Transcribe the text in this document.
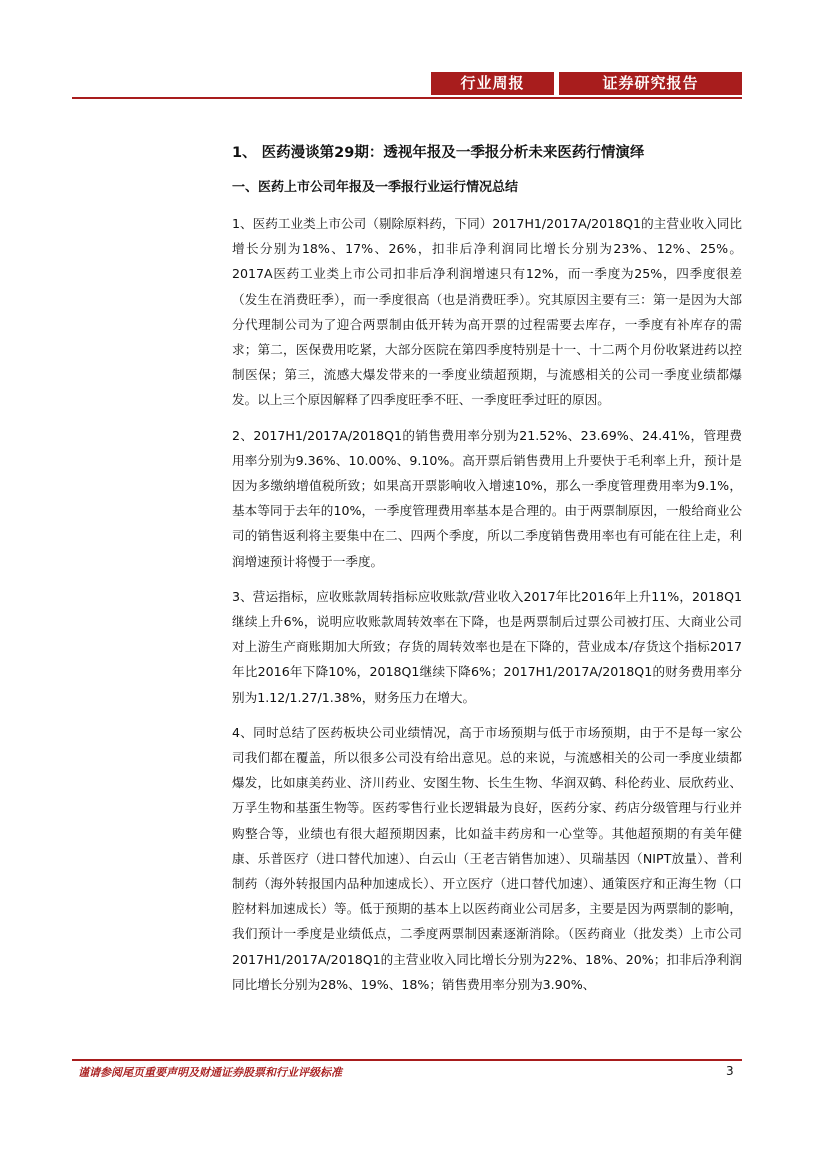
行业周报	证券研究报告
1、 医药漫谈第29期：透视年报及一季报分析未来医药行情演绎
一、医药上市公司年报及一季报行业运行情况总结

1、医药工业类上市公司（剔除原料药，下同）2017H1/2017A/2018Q1的主营业收入同比增长分别为18%、17%、26%，扣非后净利润同比增长分别为23%、12%、25%。2017A医药工业类上市公司扣非后净利润增速只有12%，而一季度为25%，四季度很差（发生在消费旺季），而一季度很高（也是消费旺季）。究其原因主要有三：第一是因为大部分代理制公司为了迎合两票制由低开转为高开票的过程需要去库存，一季度有补库存的需求；第二，医保费用吃紧，大部分医院在第四季度特别是十一、十二两个月份收紧进药以控制医保；第三，流感大爆发带来的一季度业绩超预期，与流感相关的公司一季度业绩都爆发。以上三个原因解释了四季度旺季不旺、一季度旺季过旺的原因。

2、2017H1/2017A/2018Q1的销售费用率分别为21.52%、23.69%、24.41%，管理费用率分别为9.36%、10.00%、9.10%。高开票后销售费用上升要快于毛利率上升，预计是因为多缴纳增值税所致；如果高开票影响收入增速10%，那么一季度管理费用率为9.1%，基本等同于去年的10%，一季度管理费用率基本是合理的。由于两票制原因，一般给商业公司的销售返利将主要集中在二、四两个季度，所以二季度销售费用率也有可能在往上走，利润增速预计将慢于一季度。

3、营运指标，应收账款周转指标应收账款/营业收入2017年比2016年上升11%，2018Q1继续上升6%，说明应收账款周转效率在下降，也是两票制后过票公司被打压、大商业公司对上游生产商账期加大所致；存货的周转效率也是在下降的，营业成本/存货这个指标2017年比2016年下降10%，2018Q1继续下降6%；2017H1/2017A/2018Q1的财务费用率分别为1.12/1.27/1.38%，财务压力在增大。

4、同时总结了医药板块公司业绩情况，高于市场预期与低于市场预期，由于不是每一家公司我们都在覆盖，所以很多公司没有给出意见。总的来说，与流感相关的公司一季度业绩都爆发，比如康美药业、济川药业、安图生物、长生生物、华润双鹤、科伦药业、辰欣药业、万孚生物和基蛋生物等。医药零售行业长逻辑最为良好，医药分家、药店分级管理与行业并购整合等，业绩也有很大超预期因素，比如益丰药房和一心堂等。其他超预期的有美年健康、乐普医疗（进口替代加速）、白云山（王老吉销售加速）、贝瑞基因（NIPT放量）、普利制药（海外转报国内品种加速成长）、开立医疗（进口替代加速）、通策医疗和正海生物（口腔材料加速成长）等。低于预期的基本上以医药商业公司居多，主要是因为两票制的影响，我们预计一季度是业绩低点，二季度两票制因素逐渐消除。（医药商业（批发类）上市公司2017H1/2017A/2018Q1的主营业收入同比增长分别为22%、18%、20%；扣非后净利润同比增长分别为28%、19%、18%；销售费用率分别为3.90%、

谨请参阅尾页重要声明及财通证券股票和行业评级标准	3
